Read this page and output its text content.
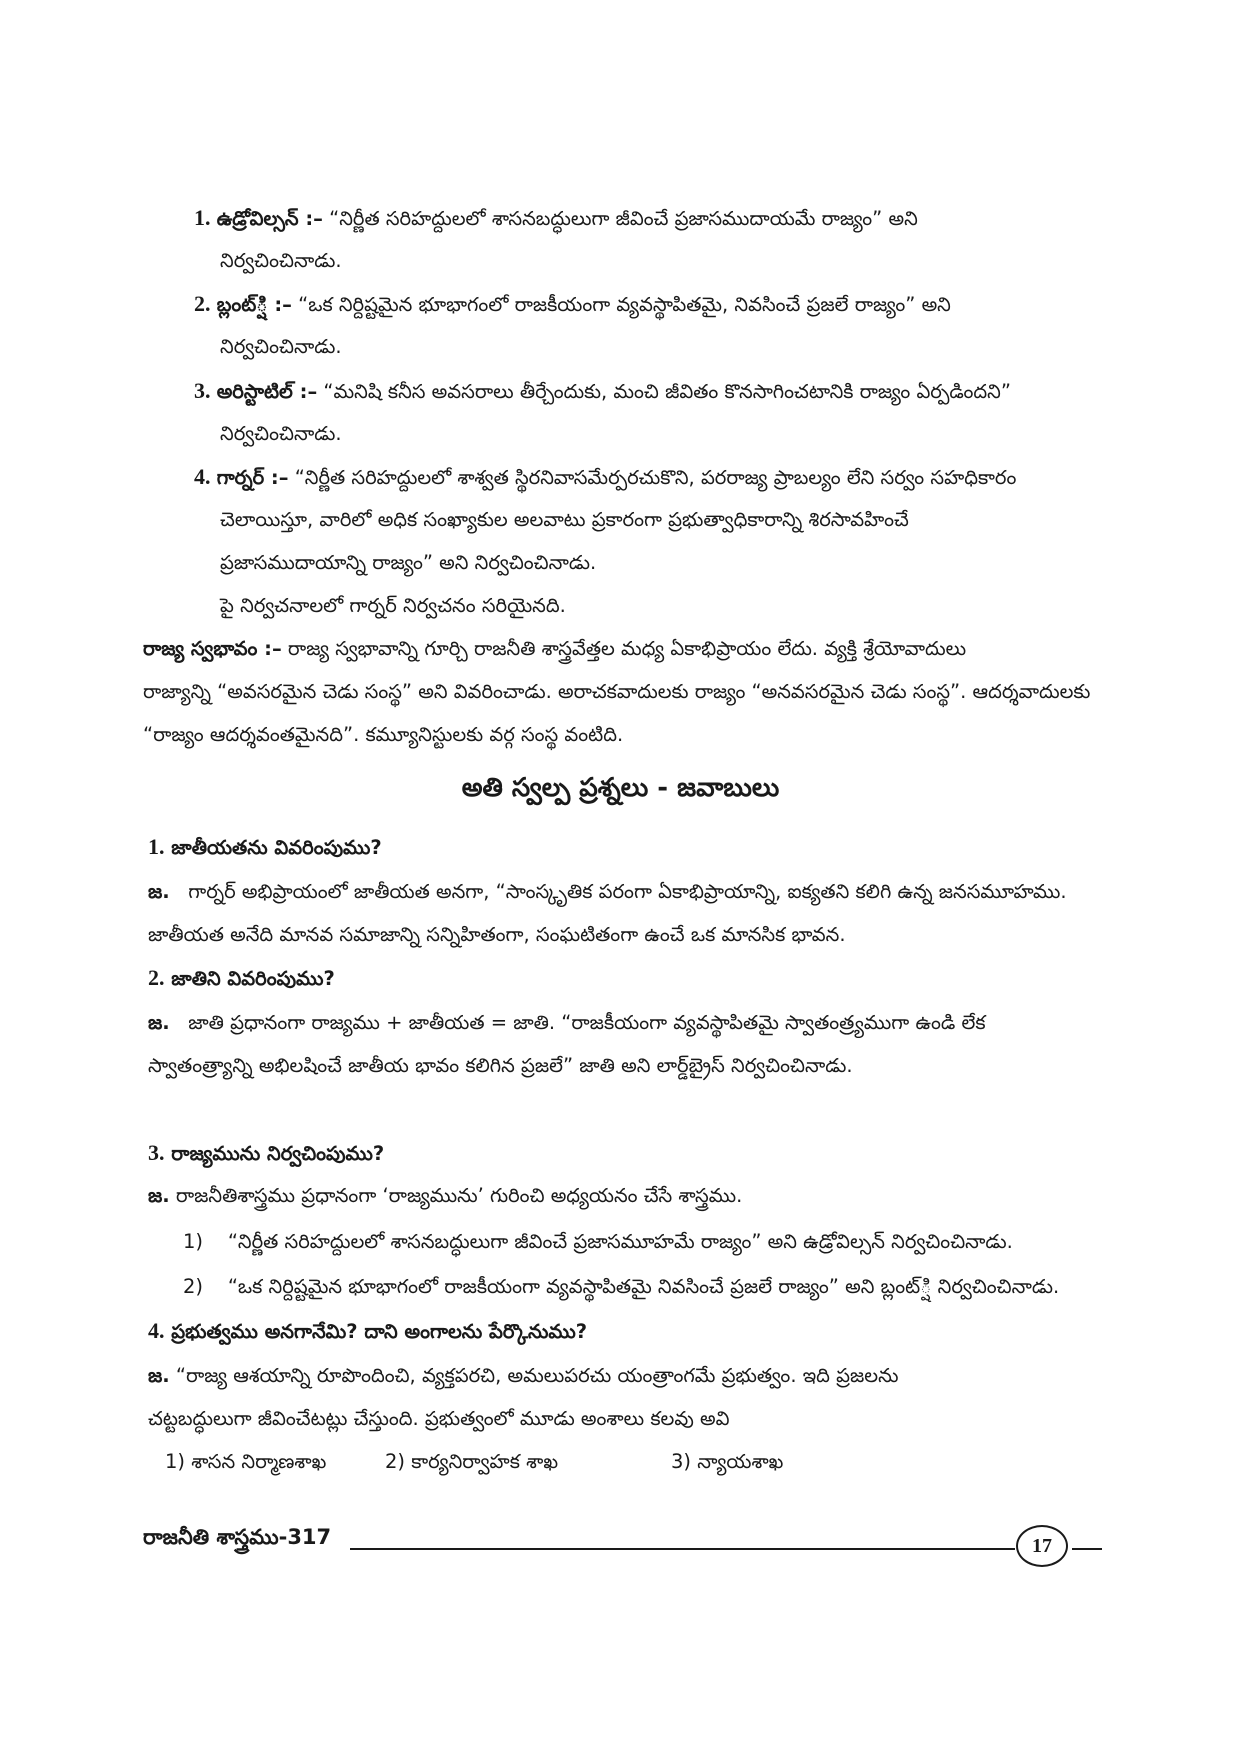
1. ఉడ్రోవిల్సన్ :– “నిర్ణీత సరిహద్దులలో శాసనబద్ధులుగా జీవించే ప్రజాసముదాయమే రాజ్యం” అని
నిర్వచించినాడు.
2. బ్లంట్‌్షి :– “ఒక నిర్దిష్టమైన భూభాగంలో రాజకీయంగా వ్యవస్థాపితమై, నివసించే ప్రజలే రాజ్యం” అని
నిర్వచించినాడు.
3. అరిస్టాటిల్ :– “మనిషి కనీస అవసరాలు తీర్చేందుకు, మంచి జీవితం కొనసాగించటానికి రాజ్యం ఏర్పడిందని”
నిర్వచించినాడు.
4. గార్నర్ :– “నిర్ణీత సరిహద్దులలో శాశ్వత స్థిరనివాసమేర్పరచుకొని, పరరాజ్య ప్రాబల్యం లేని సర్వం సహధికారం
చెలాయిస్తూ, వారిలో అధిక సంఖ్యాకుల అలవాటు ప్రకారంగా ప్రభుత్వాధికారాన్ని శిరసావహించే
ప్రజాసముదాయాన్ని రాజ్యం” అని నిర్వచించినాడు.
పై నిర్వచనాలలో గార్నర్ నిర్వచనం సరియైనది.
రాజ్య స్వభావం :– రాజ్య స్వభావాన్ని గూర్చి రాజనీతి శాస్త్రవేత్తల మధ్య ఏకాభిప్రాయం లేదు. వ్యక్తి శ్రేయోవాదులు
రాజ్యాన్ని “అవసరమైన చెడు సంస్థ” అని వివరించాడు. అరాచకవాదులకు రాజ్యం “అనవసరమైన చెడు సంస్థ”. ఆదర్శవాదులకు
“రాజ్యం ఆదర్శవంతమైనది”. కమ్యూనిస్టులకు వర్గ సంస్థ వంటిది.
అతి స్వల్ప ప్రశ్నలు - జవాబులు
1. జాతీయతను వివరింపుము?
జ. గార్నర్ అభిప్రాయంలో జాతీయత అనగా, “సాంస్కృతిక పరంగా ఏకాభిప్రాయాన్ని, ఐక్యతని కలిగి ఉన్న జనసమూహము.
జాతీయత అనేది మానవ సమాజాన్ని సన్నిహితంగా, సంఘటితంగా ఉంచే ఒక మానసిక భావన.
2. జాతిని వివరింపుము?
జ. జాతి ప్రధానంగా రాజ్యము + జాతీయత = జాతి. “రాజకీయంగా వ్యవస్థాపితమై స్వాతంత్ర్యముగా ఉండి లేక
స్వాతంత్ర్యాన్ని అభిలషించే జాతీయ భావం కలిగిన ప్రజలే” జాతి అని లార్డ్‌బ్రైస్ నిర్వచించినాడు.
3. రాజ్యమును నిర్వచింపుము?
జ. రాజనీతిశాస్త్రము ప్రధానంగా ‘రాజ్యమును’ గురించి అధ్యయనం చేసే శాస్త్రము.
1) “నిర్ణీత సరిహద్దులలో శాసనబద్ధులుగా జీవించే ప్రజాసమూహమే రాజ్యం” అని ఉడ్రోవిల్సన్ నిర్వచించినాడు.
2) “ఒక నిర్దిష్టమైన భూభాగంలో రాజకీయంగా వ్యవస్థాపితమై నివసించే ప్రజలే రాజ్యం” అని బ్లంట్‌్షి నిర్వచించినాడు.
4. ప్రభుత్వము అనగానేమి? దాని అంగాలను పేర్కొనుము?
జ. “రాజ్య ఆశయాన్ని రూపొందించి, వ్యక్తపరచి, అమలుపరచు యంత్రాంగమే ప్రభుత్వం. ఇది ప్రజలను
చట్టబద్ధులుగా జీవించేటట్లు చేస్తుంది. ప్రభుత్వంలో మూడు అంశాలు కలవు అవి
1) శాసన నిర్మాణశాఖ	2) కార్యనిర్వాహక శాఖ	3) న్యాయశాఖ
రాజనీతి శాస్త్రము-317	17
